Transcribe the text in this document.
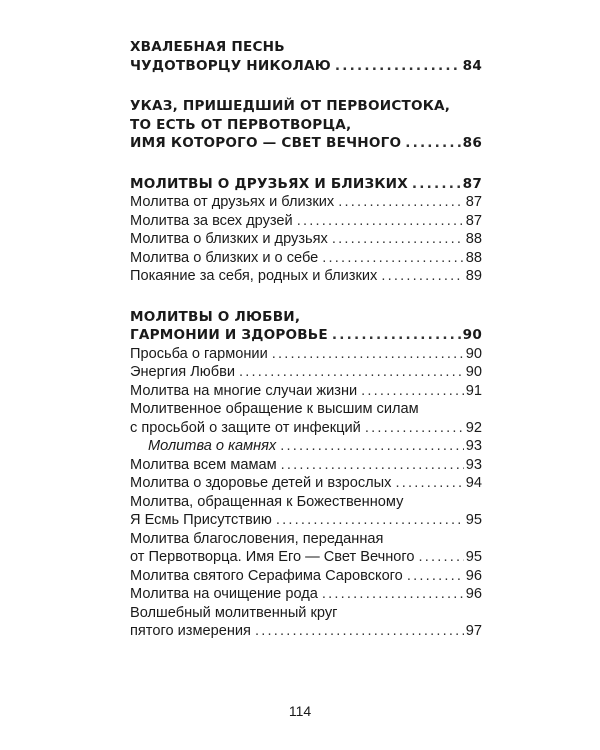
ХВАЛЕБНАЯ ПЕСНЬ
ЧУДОТВОРЦУ НИКОЛАЮ .....	84
УКАЗ, ПРИШЕДШИЙ ОТ ПЕРВОИСТОКА,
ТО ЕСТЬ ОТ ПЕРВОТВОРЦА,
ИМЯ КОТОРОГО — СВЕТ ВЕЧНОГО .....	86
МОЛИТВЫ О ДРУЗЬЯХ И БЛИЗКИХ .....	87
Молитва от друзьях и близких .....	87
Молитва за всех друзей .....	87
Молитва о близких и друзьях .....	88
Молитва о близких и о себе .....	88
Покаяние за себя, родных и близких .....	89
МОЛИТВЫ О ЛЮБВИ,
ГАРМОНИИ И ЗДОРОВЬЕ .....	90
Просьба о гармонии .....	90
Энергия Любви .....	90
Молитва на многие случаи жизни .....	91
Молитвенное обращение к высшим силам
с просьбой о защите от инфекций .....	92
Молитва о камнях .....	93
Молитва всем мамам .....	93
Молитва о здоровье детей и взрослых .....	94
Молитва, обращенная к Божественному
Я Есмь Присутствию .....	95
Молитва благословения, переданная
от Первотворца. Имя Его — Свет Вечного .....	95
Молитва святого Серафима Саровского .....	96
Молитва на очищение рода .....	96
Волшебный молитвенный круг
пятого измерения .....	97
114
